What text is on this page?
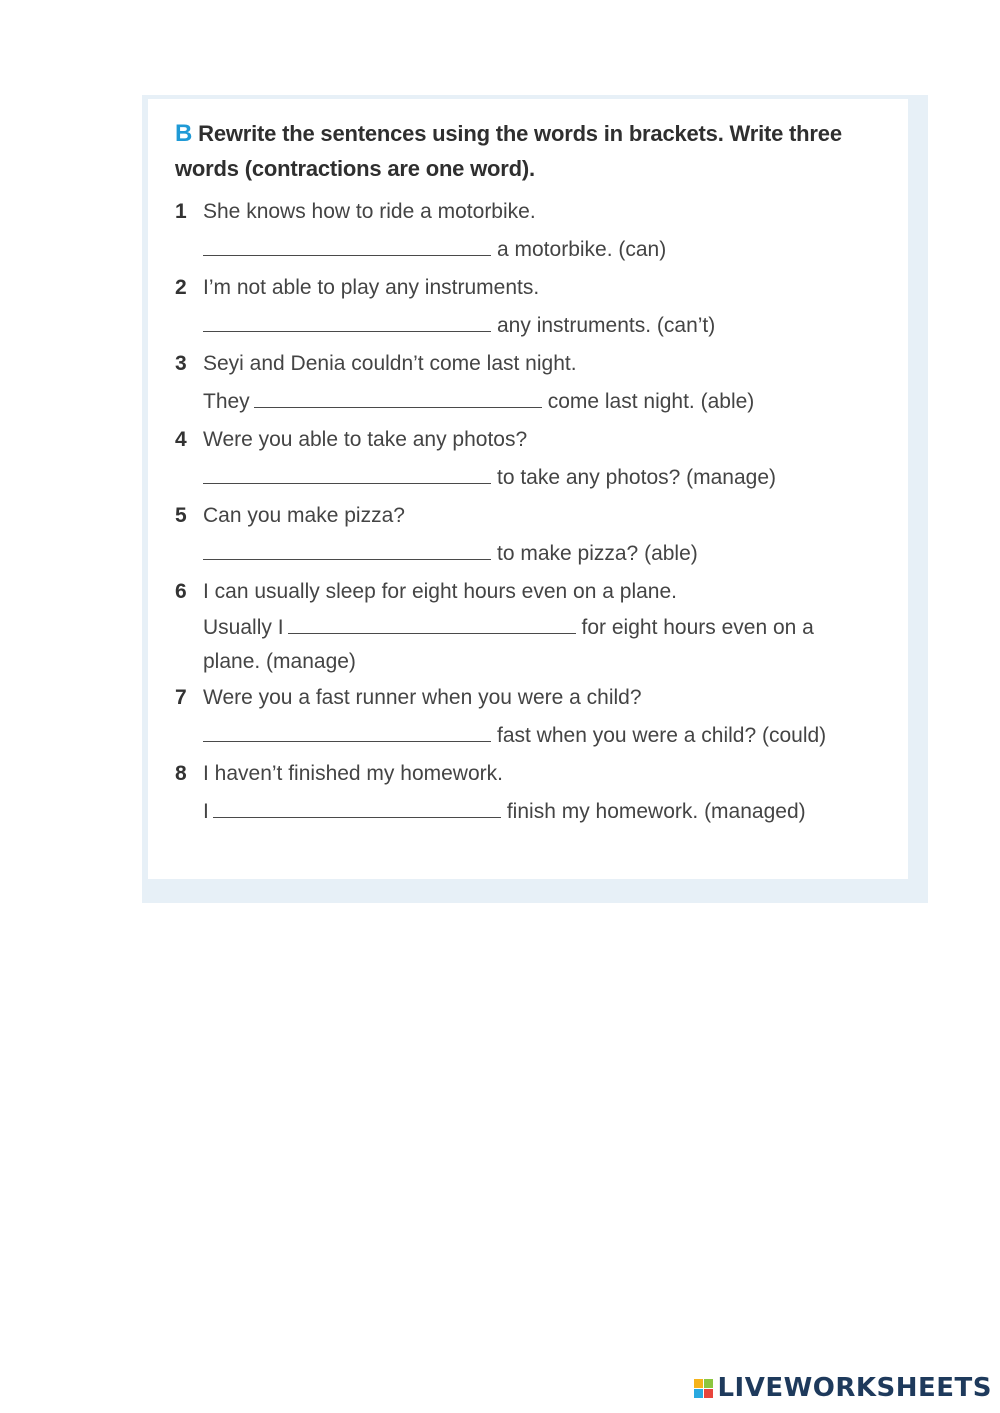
B Rewrite the sentences using the words in brackets. Write three words (contractions are one word).

1 She knows how to ride a motorbike.
a motorbike. (can)
2 I’m not able to play any instruments.
any instruments. (can’t)
3 Seyi and Denia couldn’t come last night.
They	come last night. (able)
4 Were you able to take any photos?
to take any photos? (manage)
5 Can you make pizza?
to make pizza? (able)
6 I can usually sleep for eight hours even on a plane.
Usually I	for eight hours even on a plane. (manage)
7 Were you a fast runner when you were a child?
fast when you were a child? (could)
8 I haven’t finished my homework.
I	finish my homework. (managed)
LIVEWORKSHEETS
